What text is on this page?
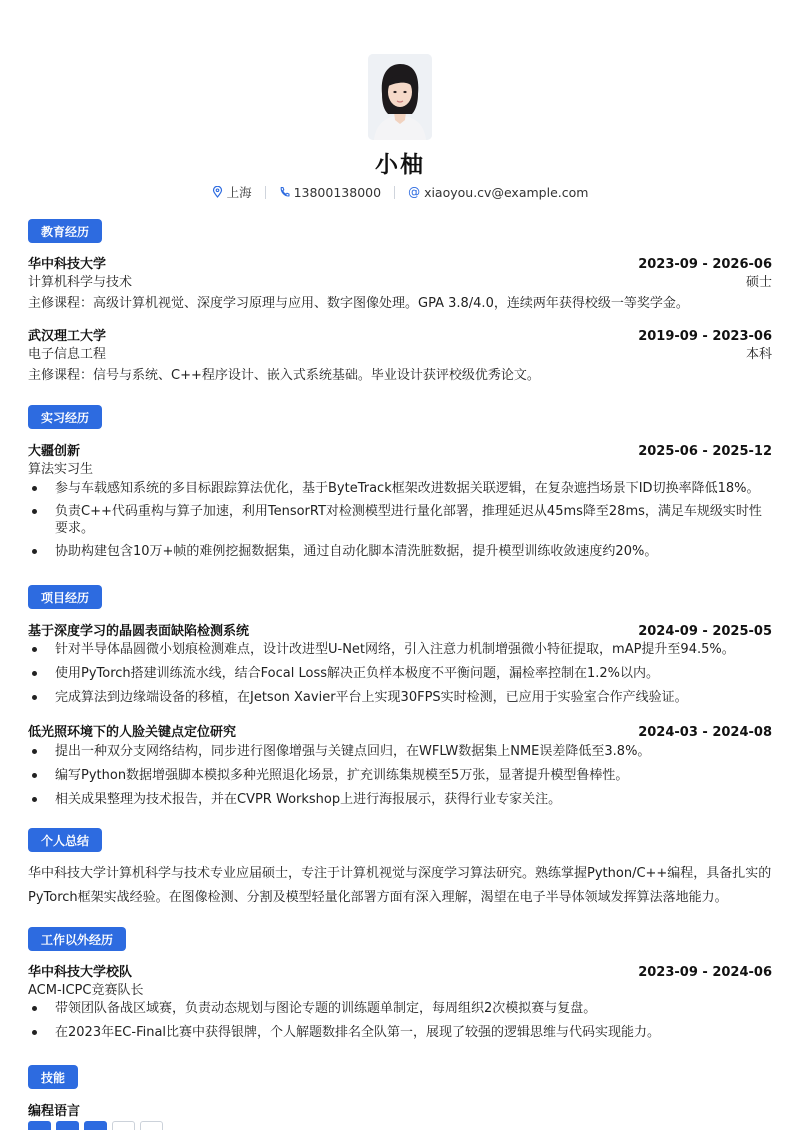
小柚
上海	13800138000 @ xiaoyou.cv@example.com
教育经历
华中科技大学	2023-09 - 2026-06
计算机科学与技术	硕士
主修课程：高级计算机视觉、深度学习原理与应用、数字图像处理。GPA 3.8/4.0，连续两年获得校级一等奖学金。
武汉理工大学	2019-09 - 2023-06
电子信息工程	本科
主修课程：信号与系统、C++程序设计、嵌入式系统基础。毕业设计获评校级优秀论文。
实习经历
大疆创新	2025-06 - 2025-12
算法实习生
参与车载感知系统的多目标跟踪算法优化，基于ByteTrack框架改进数据关联逻辑，在复杂遮挡场景下ID切换率降低18%。
负责C++代码重构与算子加速，利用TensorRT对检测模型进行量化部署，推理延迟从45ms降至28ms，满足车规级实时性要求。
协助构建包含10万+帧的难例挖掘数据集，通过自动化脚本清洗脏数据，提升模型训练收敛速度约20%。
项目经历
基于深度学习的晶圆表面缺陷检测系统	2024-09 - 2025-05
针对半导体晶圆微小划痕检测难点，设计改进型U-Net网络，引入注意力机制增强微小特征提取，mAP提升至94.5%。
使用PyTorch搭建训练流水线，结合Focal Loss解决正负样本极度不平衡问题，漏检率控制在1.2%以内。
完成算法到边缘端设备的移植，在Jetson Xavier平台上实现30FPS实时检测，已应用于实验室合作产线验证。
低光照环境下的人脸关键点定位研究	2024-03 - 2024-08
提出一种双分支网络结构，同步进行图像增强与关键点回归，在WFLW数据集上NME误差降低至3.8%。
编写Python数据增强脚本模拟多种光照退化场景，扩充训练集规模至5万张，显著提升模型鲁棒性。
相关成果整理为技术报告，并在CVPR Workshop上进行海报展示，获得行业专家关注。
个人总结
华中科技大学计算机科学与技术专业应届硕士，专注于计算机视觉与深度学习算法研究。熟练掌握Python/C++编程，具备扎实的
PyTorch框架实战经验。在图像检测、分割及模型轻量化部署方面有深入理解，渴望在电子半导体领域发挥算法落地能力。
工作以外经历
华中科技大学校队	2023-09 - 2024-06
ACM-ICPC竞赛队长
带领团队备战区域赛，负责动态规划与图论专题的训练题单制定，每周组织2次模拟赛与复盘。
在2023年EC-Final比赛中获得银牌，个人解题数排名全队第一，展现了较强的逻辑思维与代码实现能力。
技能
编程语言
